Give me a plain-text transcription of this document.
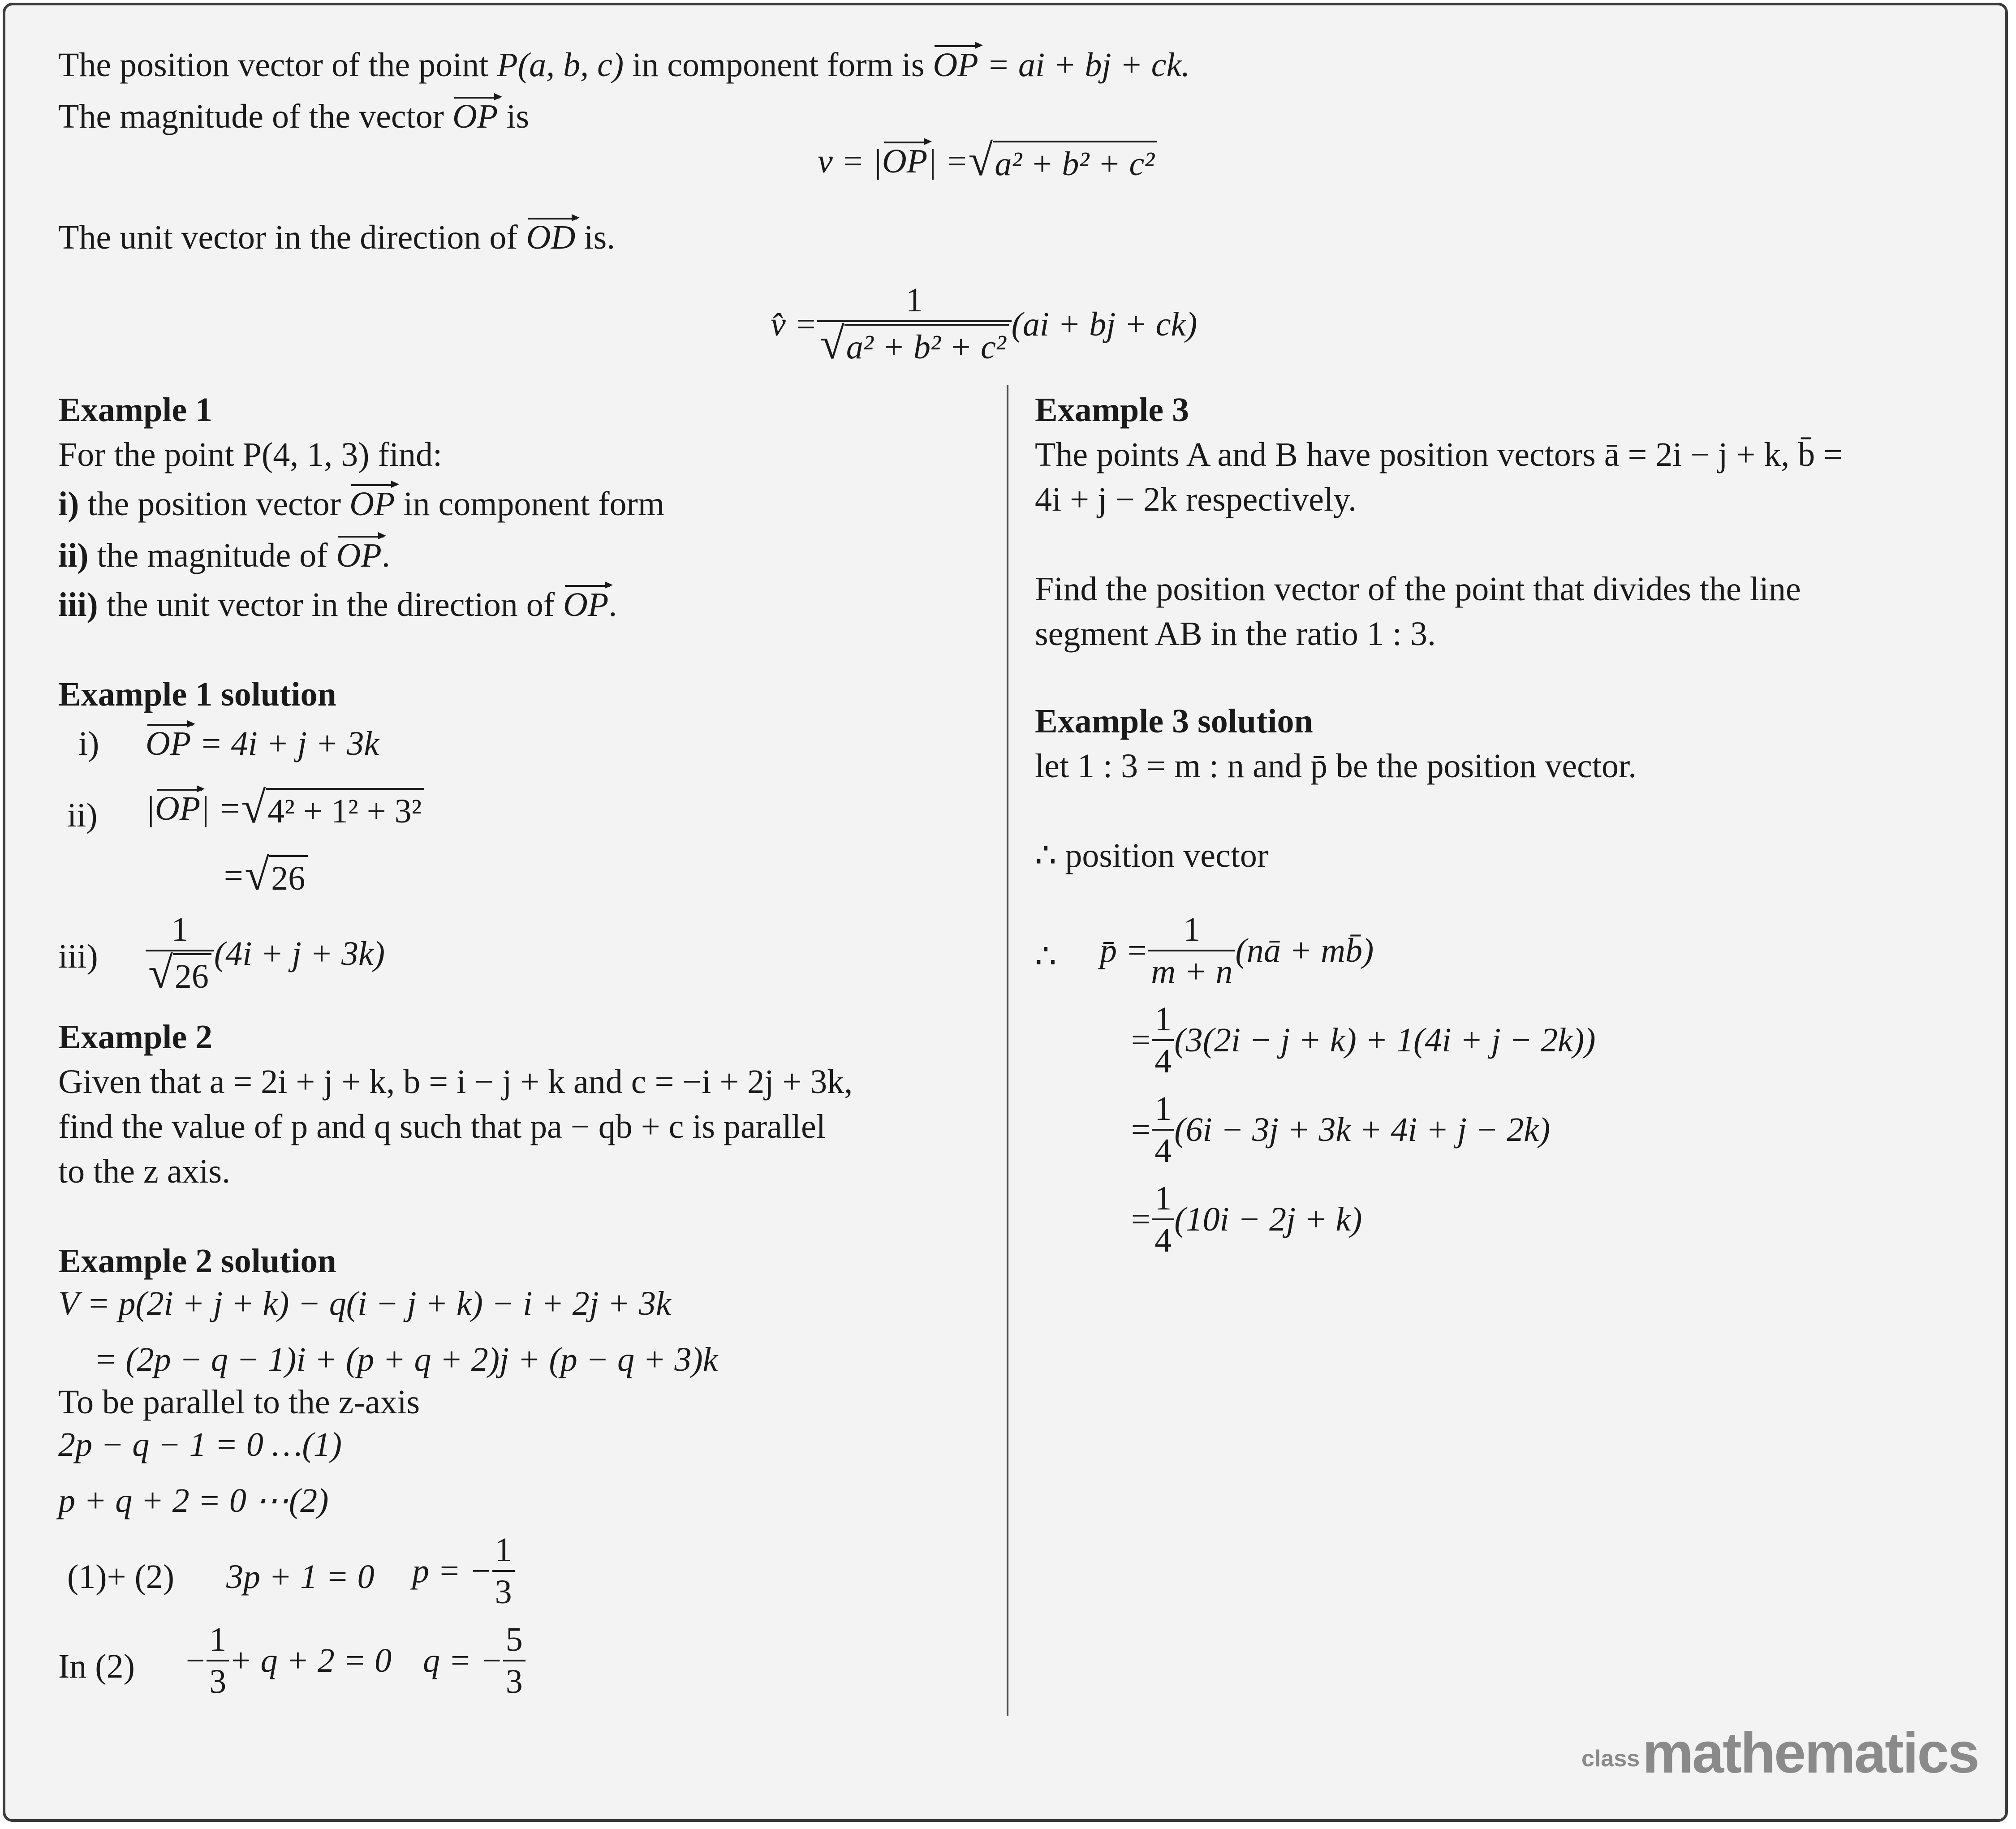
The position vector of the point P(a, b, c) in component form is OP = ai + bj + ck.
The magnitude of the vector OP is
v = | OP | = √ a² + b² + c²
The unit vector in the direction of OD is.
v̂ = $\frac{1}{\text{√ a² + b² + c²}} (ai$ + bj + ck)
Example 1
For the point P(4, 1, 3) find:
i) the position vector OP in component form
ii) the magnitude of OP.
iii) the unit vector in the direction of OP.
Example 1 solution
i) OP = 4i + j + 3k
ii) | OP | = √ 4² + 1² + 3²
= √ 26
$iii) \frac{1}{√ 26} (4i + j + 3k)$
Example 2
Given that a = 2i + j + k, b = i − j + k and c = −i + 2j + 3k,
find the value of p and q such that pa − qb + c is parallel
to the z axis.
Example 2 solution
V = p(2i + j + k) − q(i − j + k) − i + 2j + 3k
= (2p − q − 1)i + (p + q + 2)j + (p − q + 3)k
To be parallel to the z-axis
2p − q − 1 = 0 …(1)
p + q + 2 = 0 ⋯(2)
(1)+ (2) 3p + 1 = 0 p = − $\frac{1}{3}$
In $(2) - \frac{1}{3} + q + 2 = 0$ q = − $\frac{5}{3}$
Example 3
The points A and B have position vectors ā = 2i − j + k, b̄ =
4i + j − 2k respectively.
Find the position vector of the point that divides the line
segment AB in the ratio 1 : 3.
Example 3 solution
let 1 : 3 = m : n and p̄ be the position vector.
∴ position vector
∴ p̄ = $\frac{1}{m + n}$ (nā + mb̄)
= $\frac{1}{4} (3(2i - j + k) + 1(4i + j - 2k))$
= $\frac{1}{4} (6i - 3j + 3k + 4i + j - 2k)$
= $\frac{1}{4} (10i - 2j + k)$
classmathematics
